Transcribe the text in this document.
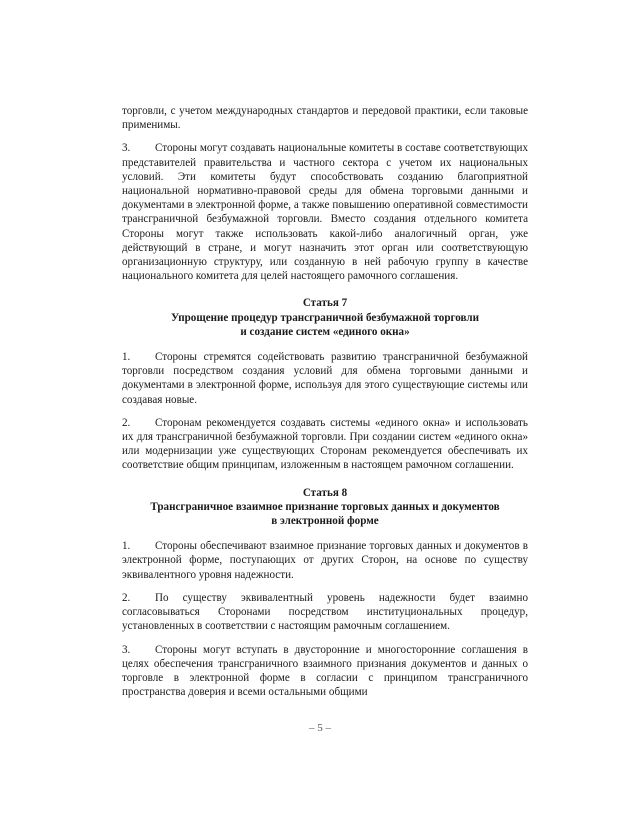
торговли, с учетом международных стандартов и передовой практики, если таковые применимы.

3. Стороны могут создавать национальные комитеты в составе соответствующих представителей правительства и частного сектора с учетом их национальных условий. Эти комитеты будут способствовать созданию благоприятной национальной нормативно-правовой среды для обмена торговыми данными и документами в электронной форме, а также повышению оперативной совместимости трансграничной безбумажной торговли. Вместо создания отдельного комитета Стороны могут также использовать какой-либо аналогичный орган, уже действующий в стране, и могут назначить этот орган или соответствующую организационную структуру, или созданную в ней рабочую группу в качестве национального комитета для целей настоящего рамочного соглашения.

Статья 7
Упрощение процедур трансграничной безбумажной торговли
и создание систем «единого окна»

1. Стороны стремятся содействовать развитию трансграничной безбумажной торговли посредством создания условий для обмена торговыми данными и документами в электронной форме, используя для этого существующие системы или создавая новые.

2. Сторонам рекомендуется создавать системы «единого окна» и использовать их для трансграничной безбумажной торговли. При создании систем «единого окна» или модернизации уже существующих Сторонам рекомендуется обеспечивать их соответствие общим принципам, изложенным в настоящем рамочном соглашении.

Статья 8
Трансграничное взаимное признание торговых данных и документов
в электронной форме

1. Стороны обеспечивают взаимное признание торговых данных и документов в электронной форме, поступающих от других Сторон, на основе по существу эквивалентного уровня надежности.

2. По существу эквивалентный уровень надежности будет взаимно согласовываться Сторонами посредством институциональных процедур, установленных в соответствии с настоящим рамочным соглашением.

3. Стороны могут вступать в двусторонние и многосторонние соглашения в целях обеспечения трансграничного взаимного признания документов и данных о торговле в электронной форме в согласии с принципом трансграничного пространства доверия и всеми остальными общими

– 5 –
